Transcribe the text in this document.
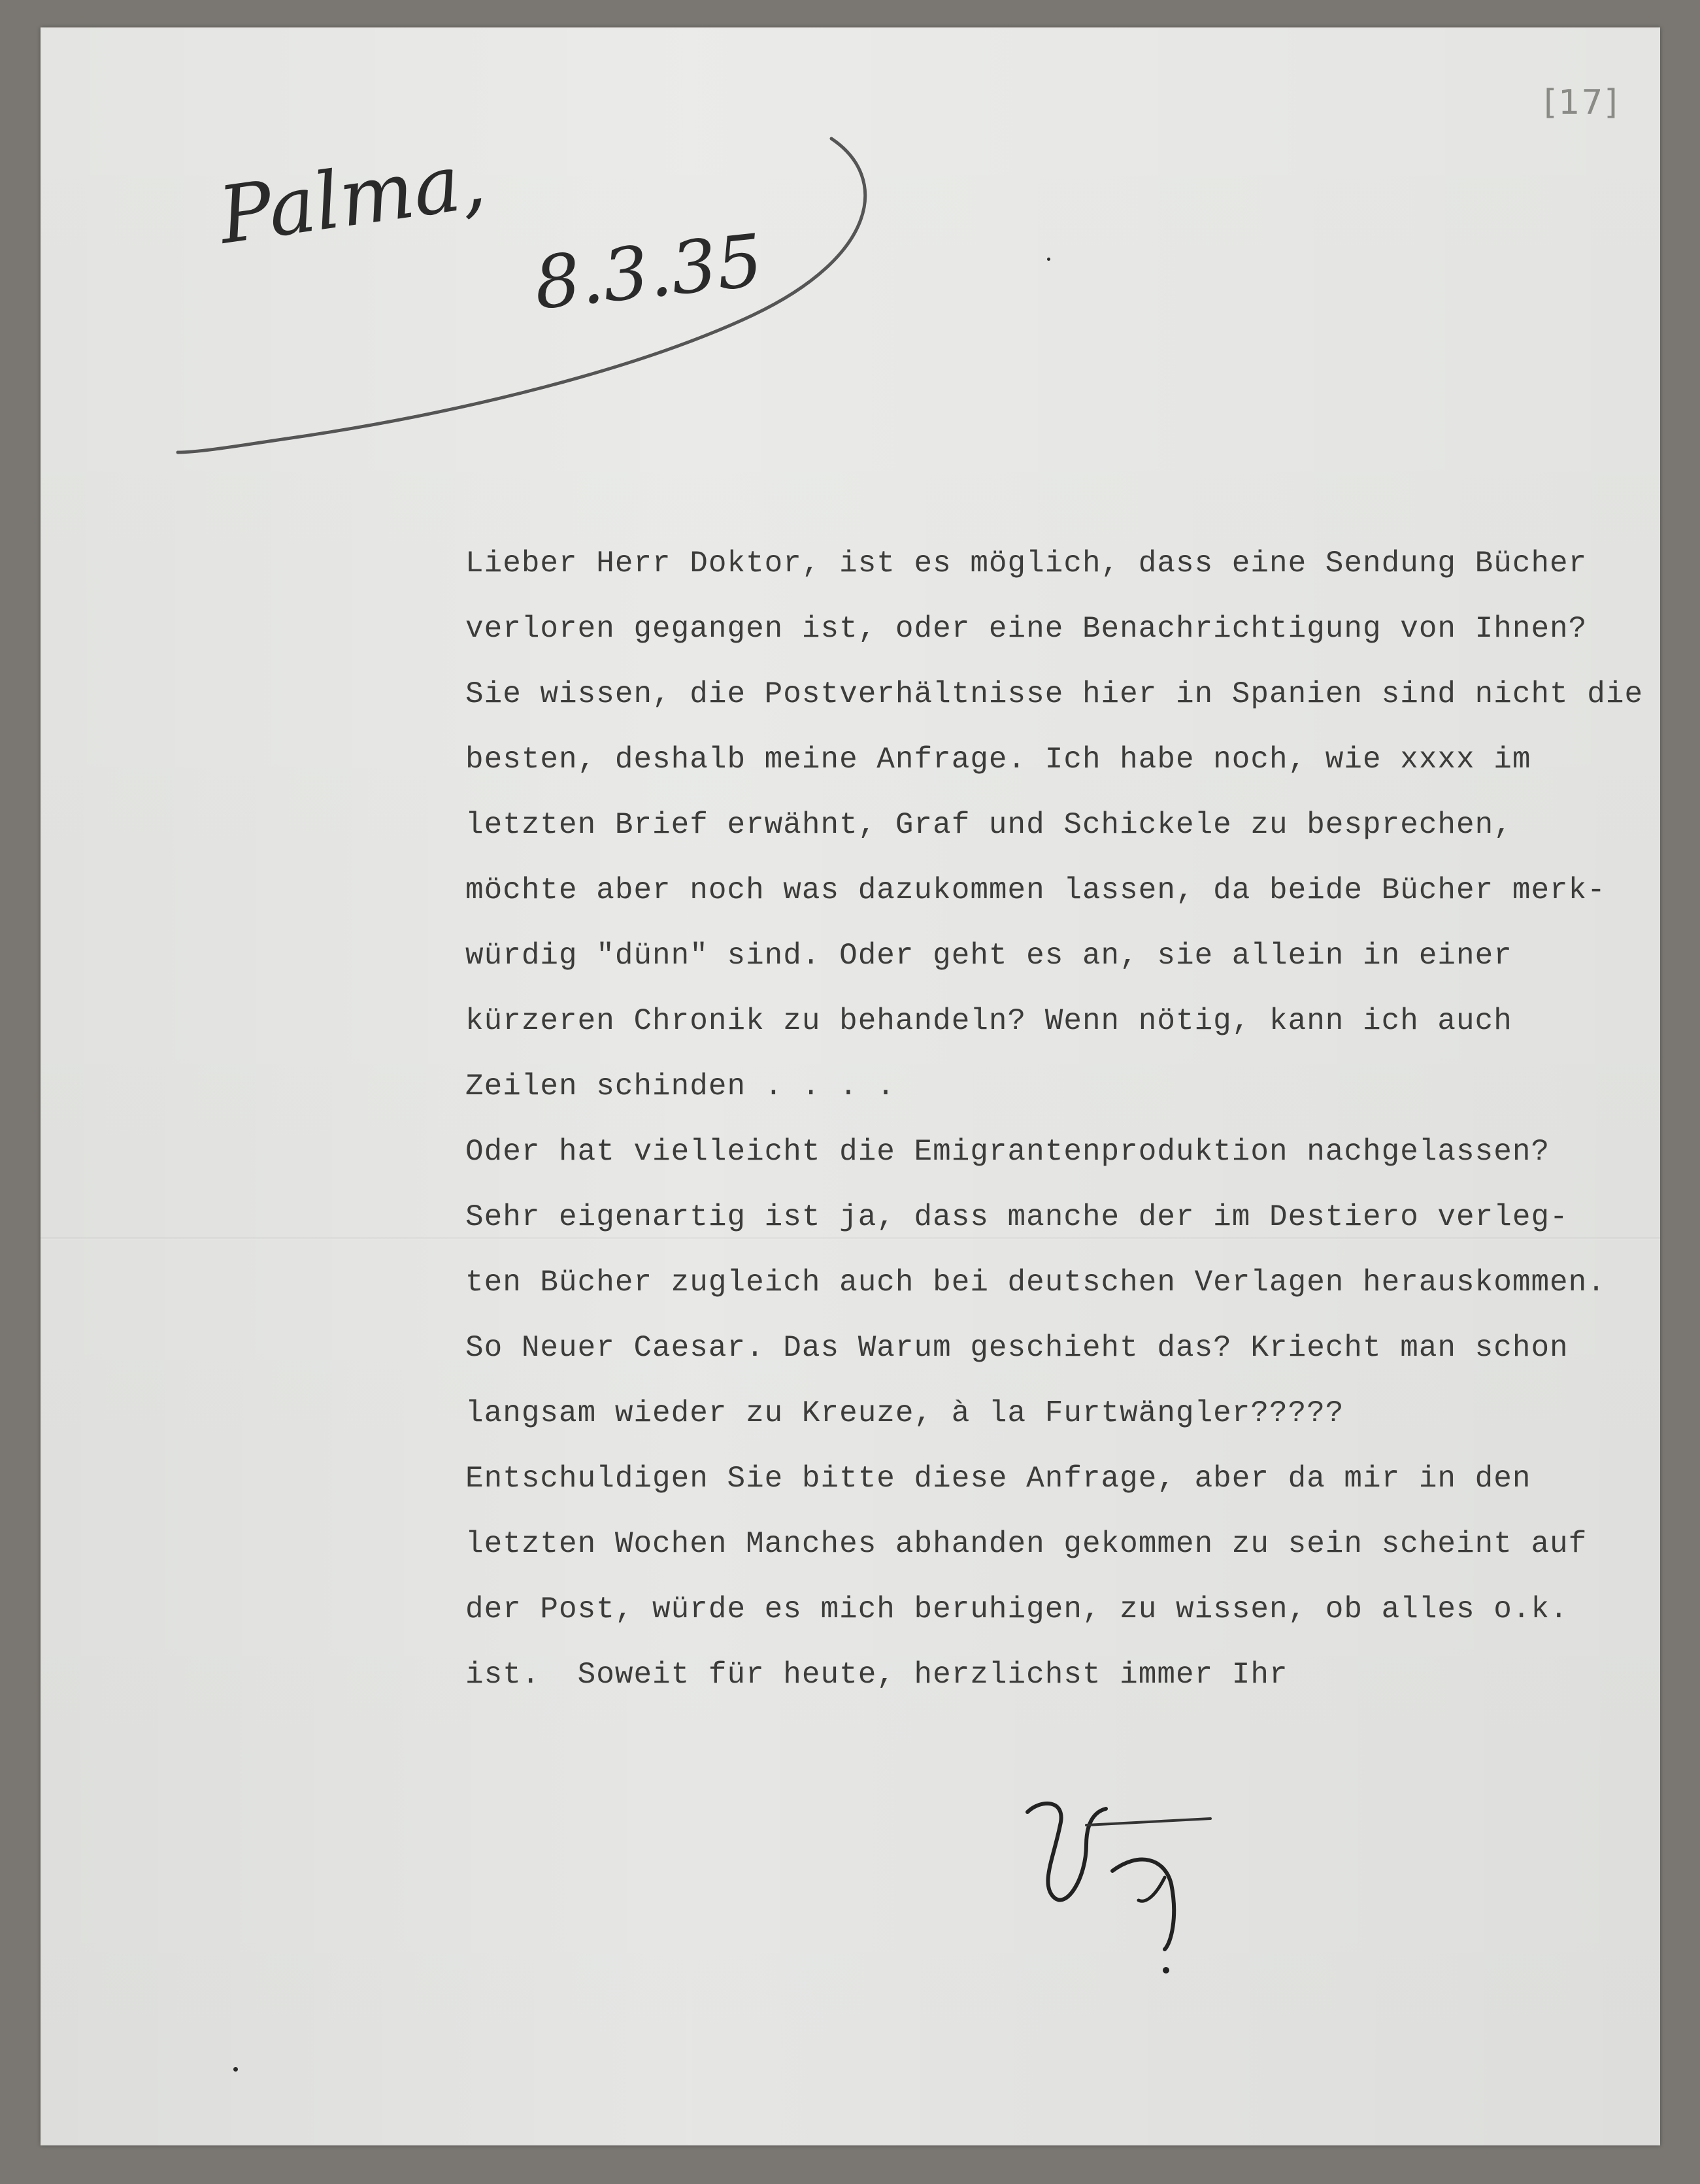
[17]
Palma,
8.3.35
Lieber Herr Doktor, ist es möglich, dass eine Sendung Bücher
verloren gegangen ist, oder eine Benachrichtigung von Ihnen?
Sie wissen, die Postverhältnisse hier in Spanien sind nicht die
besten, deshalb meine Anfrage. Ich habe noch, wie xxxx im
letzten Brief erwähnt, Graf und Schickele zu besprechen,
möchte aber noch was dazukommen lassen, da beide Bücher merk-
würdig "dünn" sind. Oder geht es an, sie allein in einer
kürzeren Chronik zu behandeln? Wenn nötig, kann ich auch
Zeilen schinden . . . .
Oder hat vielleicht die Emigrantenproduktion nachgelassen?
Sehr eigenartig ist ja, dass manche der im Destiero verleg-
ten Bücher zugleich auch bei deutschen Verlagen herauskommen.
So Neuer Caesar. Das Warum geschieht das? Kriecht man schon
langsam wieder zu Kreuze, à la Furtwängler?????
Entschuldigen Sie bitte diese Anfrage, aber da mir in den
letzten Wochen Manches abhanden gekommen zu sein scheint auf
der Post, würde es mich beruhigen, zu wissen, ob alles o.k.
ist.  Soweit für heute, herzlichst immer Ihr
